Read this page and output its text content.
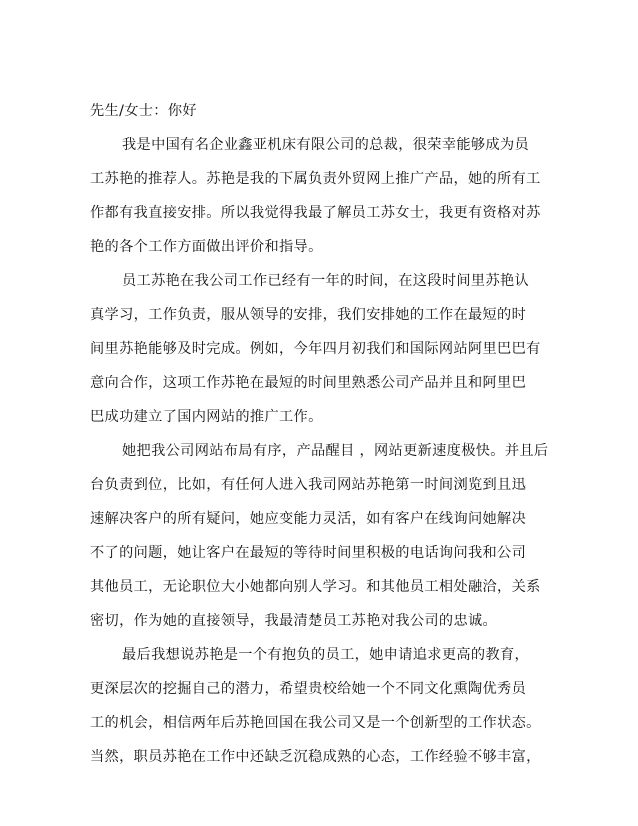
先生/女士：你好
我是中国有名企业鑫亚机床有限公司的总裁，很荣幸能够成为员
工苏艳的推荐人。苏艳是我的下属负责外贸网上推广产品，她的所有工
作都有我直接安排。所以我觉得我最了解员工苏女士，我更有资格对苏
艳的各个工作方面做出评价和指导。
员工苏艳在我公司工作已经有一年的时间，在这段时间里苏艳认
真学习，工作负责，服从领导的安排，我们安排她的工作在最短的时
间里苏艳能够及时完成。例如，今年四月初我们和国际网站阿里巴巴有
意向合作，这项工作苏艳在最短的时间里熟悉公司产品并且和阿里巴
巴成功建立了国内网站的推广工作。
她把我公司网站布局有序，产品醒目 ，网站更新速度极快。并且后
台负责到位，比如，有任何人进入我司网站苏艳第一时间浏览到且迅
速解决客户的所有疑问，她应变能力灵活，如有客户在线询问她解决
不了的问题，她让客户在最短的等待时间里积极的电话询问我和公司
其他员工，无论职位大小她都向别人学习。和其他员工相处融洽，关系
密切，作为她的直接领导，我最清楚员工苏艳对我公司的忠诚。
最后我想说苏艳是一个有抱负的员工，她申请追求更高的教育，
更深层次的挖掘自己的潜力，希望贵校给她一个不同文化熏陶优秀员
工的机会，相信两年后苏艳回国在我公司又是一个创新型的工作状态。
当然，职员苏艳在工作中还缺乏沉稳成熟的心态，工作经验不够丰富，
